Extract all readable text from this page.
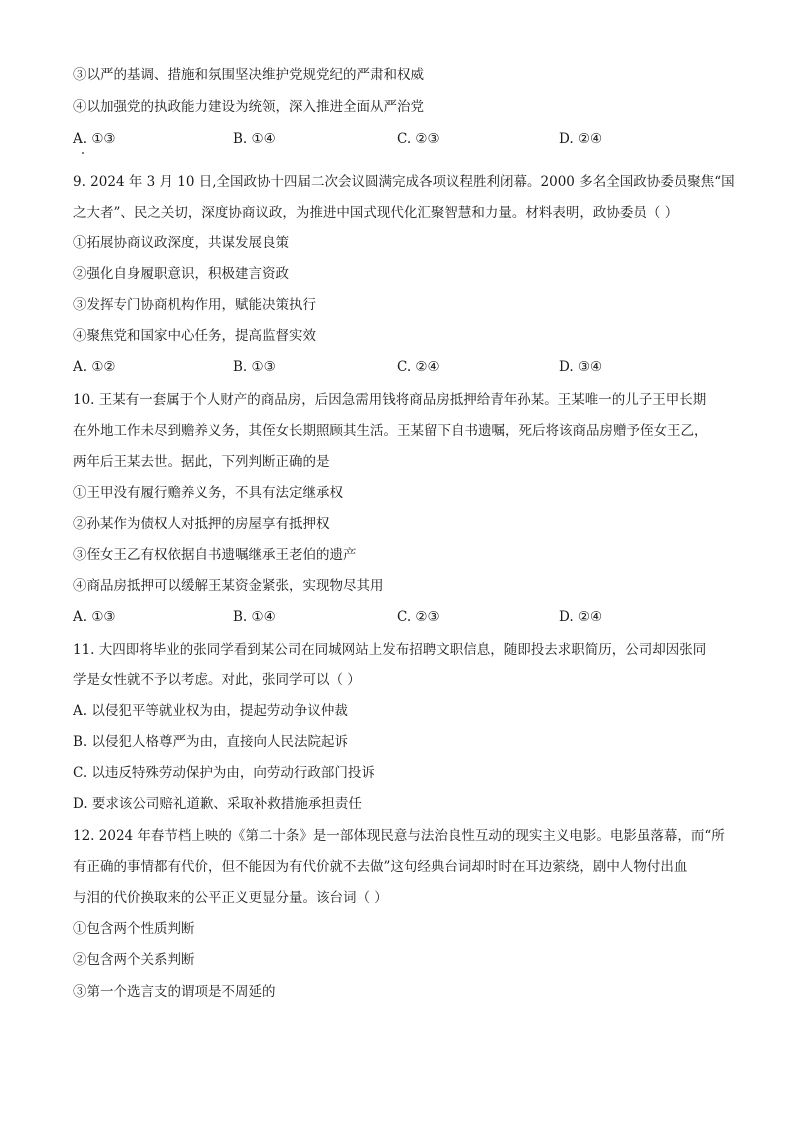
③以严的基调、措施和氛围坚决维护党规党纪的严肃和权威
④以加强党的执政能力建设为统领，深入推进全面从严治党
A. ①③	B. ①④	C. ②③	D. ②④
9. 2024 年 3 月 10 日,全国政协十四届二次会议圆满完成各项议程胜利闭幕。2000 多名全国政协委员聚焦“国
之大者”、民之关切，深度协商议政，为推进中国式现代化汇聚智慧和力量。材料表明，政协委员（ ）
①拓展协商议政深度，共谋发展良策
②强化自身履职意识，积极建言资政
③发挥专门协商机构作用，赋能决策执行
④聚焦党和国家中心任务，提高监督实效
A. ①②	B. ①③	C. ②④	D. ③④
10. 王某有一套属于个人财产的商品房，后因急需用钱将商品房抵押给青年孙某。王某唯一的儿子王甲长期
在外地工作未尽到赡养义务，其侄女长期照顾其生活。王某留下自书遗嘱，死后将该商品房赠予侄女王乙，
两年后王某去世。据此，下列判断正确的是
①王甲没有履行赡养义务，不具有法定继承权
②孙某作为债权人对抵押的房屋享有抵押权
③侄女王乙有权依据自书遗嘱继承王老伯的遗产
④商品房抵押可以缓解王某资金紧张，实现物尽其用
A. ①③	B. ①④	C. ②③	D. ②④
11. 大四即将毕业的张同学看到某公司在同城网站上发布招聘文职信息，随即投去求职简历，公司却因张同
学是女性就不予以考虑。对此，张同学可以（ ）
A. 以侵犯平等就业权为由，提起劳动争议仲裁
B. 以侵犯人格尊严为由，直接向人民法院起诉
C. 以违反特殊劳动保护为由，向劳动行政部门投诉
D. 要求该公司赔礼道歉、采取补救措施承担责任
12. 2024 年春节档上映的《第二十条》是一部体现民意与法治良性互动的现实主义电影。电影虽落幕，而“所
有正确的事情都有代价，但不能因为有代价就不去做”这句经典台词却时时在耳边萦绕，剧中人物付出血
与泪的代价换取来的公平正义更显分量。该台词（ ）
①包含两个性质判断
②包含两个关系判断
③第一个选言支的谓项是不周延的
